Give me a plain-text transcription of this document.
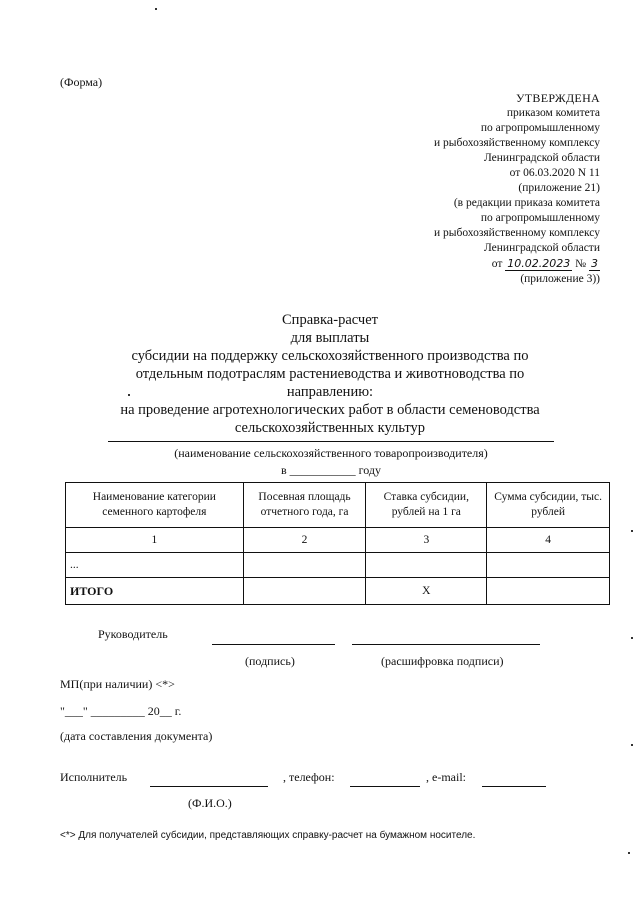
(Форма)
УТВЕРЖДЕНА
приказом комитета
по агропромышленному
и рыбохозяйственному комплексу
Ленинградской области
от 06.03.2020 N 11
(приложение 21)
(в редакции приказа комитета
по агропромышленному
и рыбохозяйственному комплексу
Ленинградской области
от 10.02.2023 № 3
(приложение 3))
Справка-расчет
для выплаты
субсидии на поддержку сельскохозяйственного производства по
отдельным подотраслям растениеводства и животноводства по
направлению:
на проведение агротехнологических работ в области семеноводства
сельскохозяйственных культур
(наименование сельскохозяйственного товаропроизводителя)
в ___________ году
Наименование категории семенного картофеля	Посевная площадь отчетного года, га	Ставка субсидии, рублей на 1 га	Сумма субсидии, тыс. рублей
1	2	3	4
...			
ИТОГО		X	
Руководитель
(подпись)	(расшифровка подписи)
МП(при наличии) <*>
"___" _________ 20__ г.
(дата составления документа)
Исполнитель	, телефон:	, e-mail:
(Ф.И.О.)
<*> Для получателей субсидии, представляющих справку-расчет на бумажном носителе.
